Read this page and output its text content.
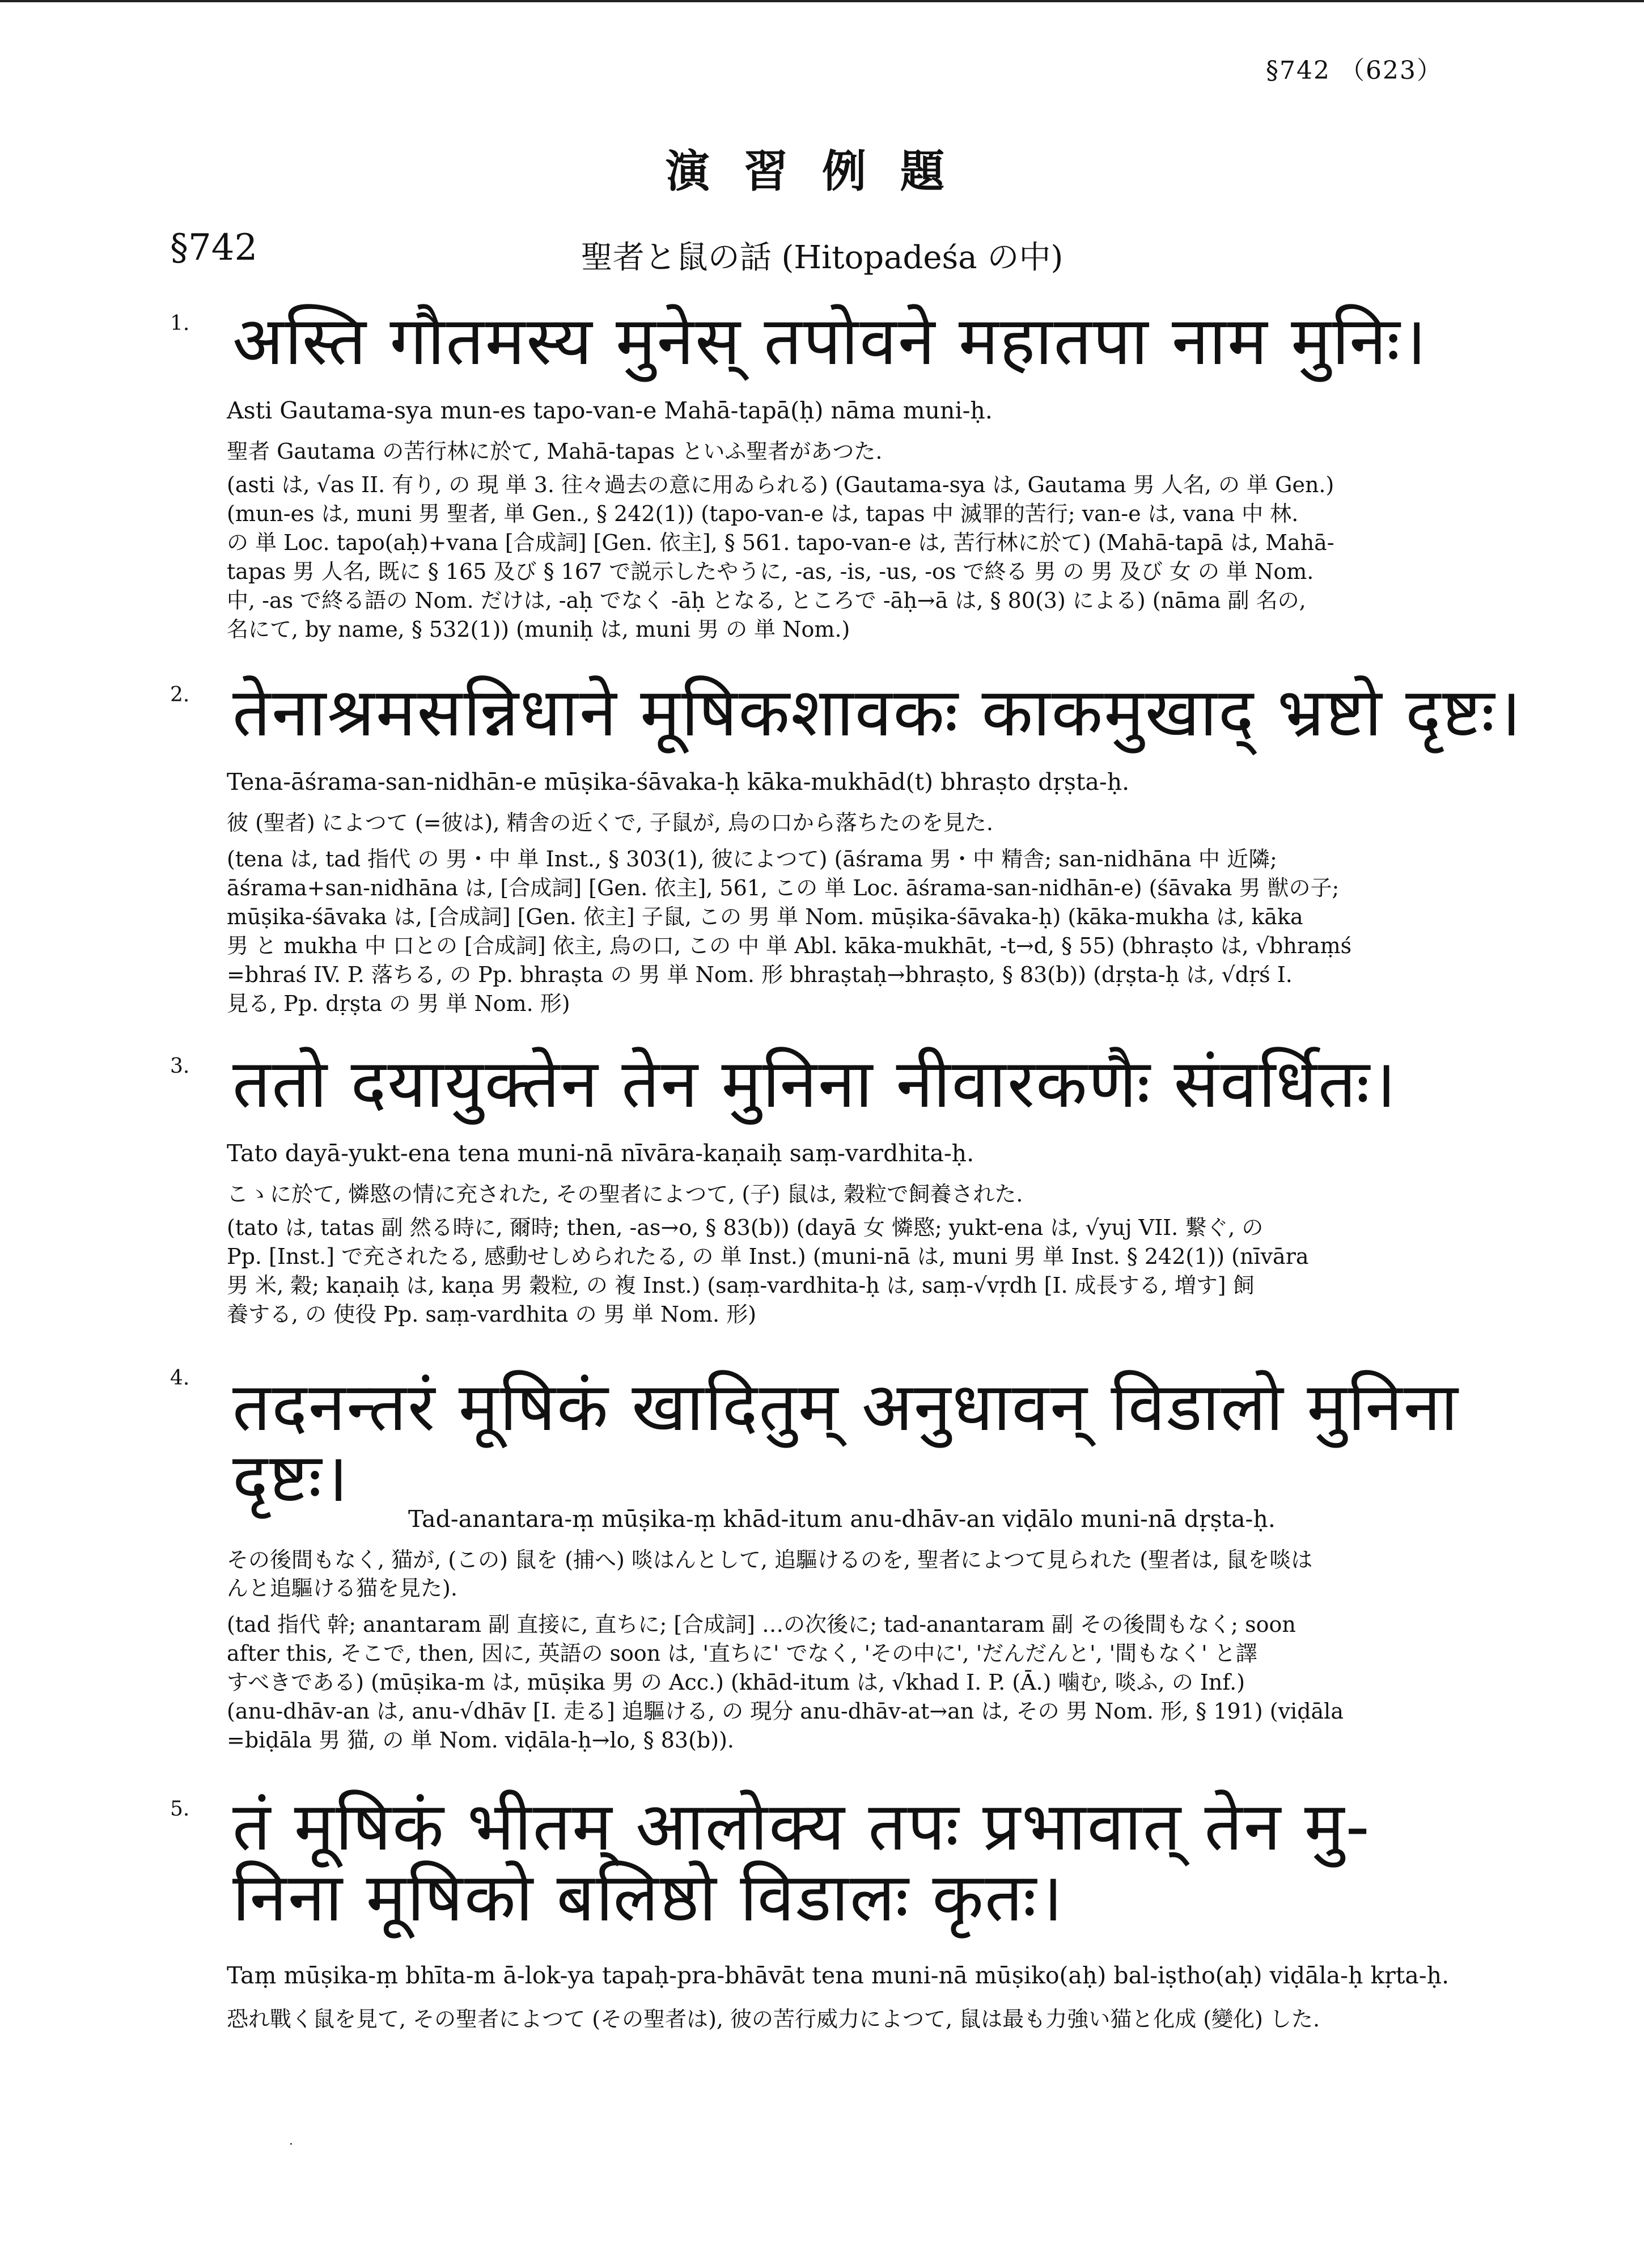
§742 （623）
演習例題
§742	聖者と鼠の話 (Hitopadeśa の中)
1. अस्ति गौतमस्य मुनेस् तपोवने महातपा नाम मुनिः।
Asti Gautama-sya mun-es tapo-van-e Mahā-tapā(ḥ) nāma muni-ḥ.
聖者 Gautama の苦行林に於て, Mahā-tapas といふ聖者があつた.
(asti は, √as II. 有り, の 現 単 3. 往々過去の意に用ゐられる) (Gautama-sya は, Gautama 男 人名, の 単 Gen.)
(mun-es は, muni 男 聖者, 単 Gen., § 242(1)) (tapo-van-e は, tapas 中 滅罪的苦行; van-e は, vana 中 林.
の 単 Loc. tapo(aḥ)+vana [合成詞] [Gen. 依主], § 561. tapo-van-e は, 苦行林に於て) (Mahā-tapā は, Mahā-
tapas 男 人名, 既に § 165 及び § 167 で説示したやうに, -as, -is, -us, -os で終る 男 の 男 及び 女 の 単 Nom.
中, -as で終る語の Nom. だけは, -aḥ でなく -āḥ となる, ところで -āḥ→ā は, § 80(3) による) (nāma 副 名の,
名にて, by name, § 532(1)) (muniḥ は, muni 男 の 単 Nom.)
2. तेनाश्रमसन्निधाने मूषिकशावकः काकमुखाद् भ्रष्टो दृष्टः।
Tena-āśrama-san-nidhān-e mūṣika-śāvaka-ḥ kāka-mukhād(t) bhraṣto dṛṣta-ḥ.
彼 (聖者) によつて (=彼は), 精舎の近くで, 子鼠が, 烏の口から落ちたのを見た.
(tena は, tad 指代 の 男・中 単 Inst., § 303(1), 彼によつて) (āśrama 男・中 精舎; san-nidhāna 中 近隣;
āśrama+san-nidhāna は, [合成詞] [Gen. 依主], 561, この 単 Loc. āśrama-san-nidhān-e) (śāvaka 男 獣の子;
mūṣika-śāvaka は, [合成詞] [Gen. 依主] 子鼠, この 男 単 Nom. mūṣika-śāvaka-ḥ) (kāka-mukha は, kāka
男 と mukha 中 口との [合成詞] 依主, 烏の口, この 中 単 Abl. kāka-mukhāt, -t→d, § 55) (bhraṣto は, √bhraṃś
=bhraś IV. P. 落ちる, の Pp. bhraṣta の 男 単 Nom. 形 bhraṣtaḥ→bhraṣto, § 83(b)) (dṛṣta-ḥ は, √dṛś I.
見る, Pp. dṛṣta の 男 単 Nom. 形)
3. ततो दयायुक्तेन तेन मुनिना नीवारकणैः संवर्धितः।
Tato dayā-yukt-ena tena muni-nā nīvāra-kaṇaiḥ saṃ-vardhita-ḥ.
こゝに於て, 憐愍の情に充された, その聖者によつて, (子) 鼠は, 穀粒で飼養された.
(tato は, tatas 副 然る時に, 爾時; then, -as→o, § 83(b)) (dayā 女 憐愍; yukt-ena は, √yuj VII. 繋ぐ, の
Pp. [Inst.] で充されたる, 感動せしめられたる, の 単 Inst.) (muni-nā は, muni 男 単 Inst. § 242(1)) (nīvāra
男 米, 穀; kaṇaiḥ は, kaṇa 男 穀粒, の 複 Inst.) (saṃ-vardhita-ḥ は, saṃ-√vṛdh [I. 成長する, 増す] 飼
養する, の 使役 Pp. saṃ-vardhita の 男 単 Nom. 形)
4. तदनन्तरं मूषिकं खादितुम् अनुधावन् विडालो मुनिना
दृष्टः।
Tad-anantara-ṃ mūṣika-ṃ khād-itum anu-dhāv-an viḍālo muni-nā dṛṣta-ḥ.
その後間もなく, 猫が, (この) 鼠を (捕へ) 啖はんとして, 追驅けるのを, 聖者によつて見られた (聖者は, 鼠を啖は
んと追驅ける猫を見た).
(tad 指代 幹; anantaram 副 直接に, 直ちに; [合成詞] …の次後に; tad-anantaram 副 その後間もなく; soon
after this, そこで, then, 因に, 英語の soon は, '直ちに' でなく, 'その中に', 'だんだんと', '間もなく' と譯
すべきである) (mūṣika-m は, mūṣika 男 の Acc.) (khād-itum は, √khad I. P. (Ā.) 噛む, 啖ふ, の Inf.)
(anu-dhāv-an は, anu-√dhāv [I. 走る] 追驅ける, の 現分 anu-dhāv-at→an は, その 男 Nom. 形, § 191) (viḍāla
=biḍāla 男 猫, の 単 Nom. viḍāla-ḥ→lo, § 83(b)).
5. तं मूषिकं भीतम् आलोक्य तपः प्रभावात् तेन मु-
निना मूषिको बलिष्ठो विडालः कृतः।
Taṃ mūṣika-ṃ bhīta-m ā-lok-ya tapaḥ-pra-bhāvāt tena muni-nā mūṣiko(aḥ) bal-iṣtho(aḥ) viḍāla-ḥ kṛta-ḥ.
恐れ戰く鼠を見て, その聖者によつて (その聖者は), 彼の苦行威力によつて, 鼠は最も力強い猫と化成 (變化) した.
·
